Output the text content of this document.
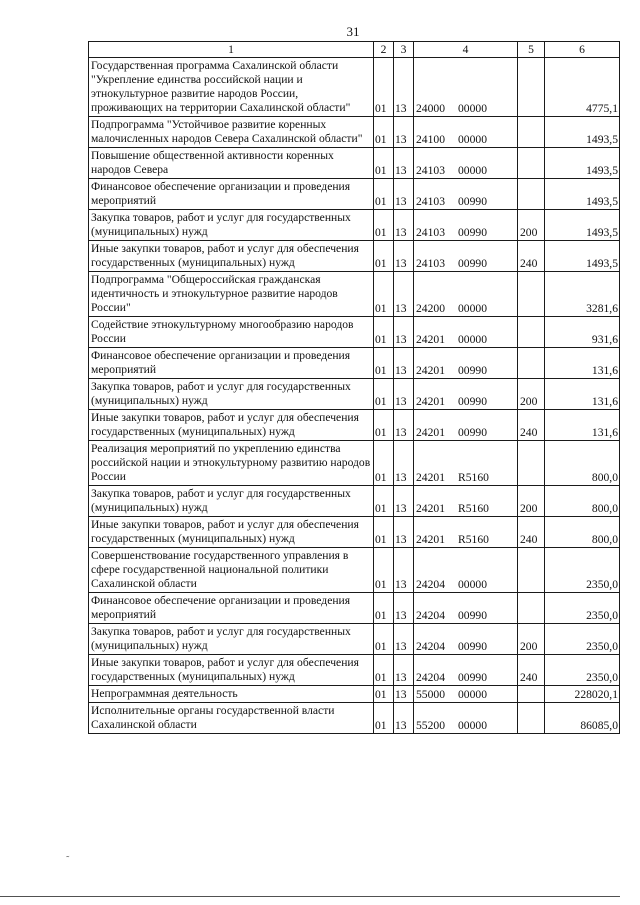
31
1	2	3	4	5	6
Государственная программа Сахалинской области "Укрепление единства российской нации и этнокультурное развитие народов России, проживающих на территории Сахалинской области"	01	13	24000 00000		4775,1
Подпрограмма "Устойчивое развитие коренных малочисленных народов Севера Сахалинской области"	01	13	24100 00000		1493,5
Повышение общественной активности коренных народов Севера	01	13	24103 00000		1493,5
Финансовое обеспечение организации и проведения мероприятий	01	13	24103 00990		1493,5
Закупка товаров, работ и услуг для государственных (муниципальных) нужд	01	13	24103 00990	200	1493,5
Иные закупки товаров, работ и услуг для обеспечения государственных (муниципальных) нужд	01	13	24103 00990	240	1493,5
Подпрограмма "Общероссийская гражданская идентичность и этнокультурное развитие народов России"	01	13	24200 00000		3281,6
Содействие этнокультурному многообразию народов России	01	13	24201 00000		931,6
Финансовое обеспечение организации и проведения мероприятий	01	13	24201 00990		131,6
Закупка товаров, работ и услуг для государственных (муниципальных) нужд	01	13	24201 00990	200	131,6
Иные закупки товаров, работ и услуг для обеспечения государственных (муниципальных) нужд	01	13	24201 00990	240	131,6
Реализация мероприятий по укреплению единства российской нации и этнокультурному развитию народов России	01	13	24201 R5160		800,0
Закупка товаров, работ и услуг для государственных (муниципальных) нужд	01	13	24201 R5160	200	800,0
Иные закупки товаров, работ и услуг для обеспечения государственных (муниципальных) нужд	01	13	24201 R5160	240	800,0
Совершенствование государственного управления в сфере государственной национальной политики Сахалинской области	01	13	24204 00000		2350,0
Финансовое обеспечение организации и проведения мероприятий	01	13	24204 00990		2350,0
Закупка товаров, работ и услуг для государственных (муниципальных) нужд	01	13	24204 00990	200	2350,0
Иные закупки товаров, работ и услуг для обеспечения государственных (муниципальных) нужд	01	13	24204 00990	240	2350,0
Непрограммная деятельность	01	13	55000 00000		228020,1
Исполнительные органы государственной власти Сахалинской области	01	13	55200 00000		86085,0
˜
